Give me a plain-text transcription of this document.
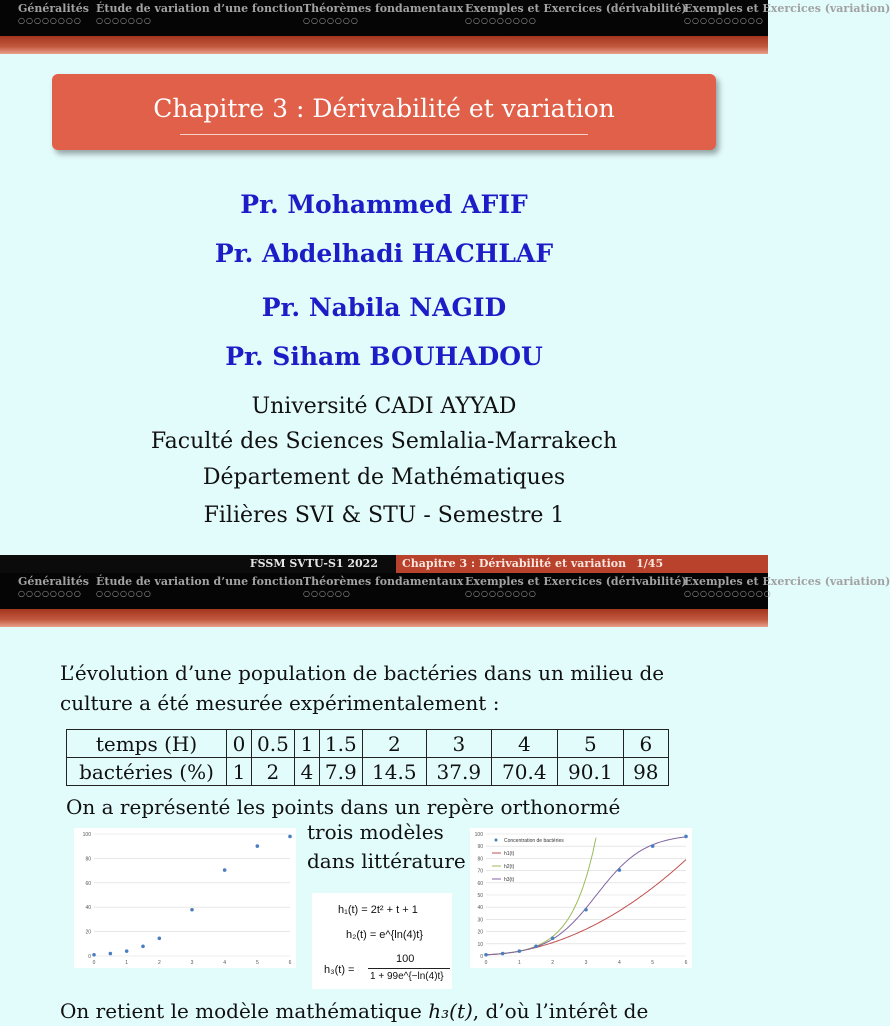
Généralités
○○○○○○○○
Étude de variation d’une fonction
○○○○○○○
Théorèmes fondamentaux
○○○○○○○
Exemples et Exercices (dérivabilité)
○○○○○○○○○
Exemples et Exercices (variation)
○○○○○○○○○○
Chapitre 3 : Dérivabilité et variation
Pr. Mohammed AFIF
Pr. Abdelhadi HACHLAF
Pr. Nabila NAGID
Pr. Siham BOUHADOU
Université CADI AYYAD
Faculté des Sciences Semlalia-Marrakech
Département de Mathématiques
Filières SVI & STU - Semestre 1
FSSM SVTU-S1 2022	Chapitre 3 : Dérivabilité et variation 1/45
Généralités
○○○○○○○○
Étude de variation d’une fonction
○○○○○○○
Théorèmes fondamentaux
○○○○○○
Exemples et Exercices (dérivabilité)
○○○○○○○○○
Exemples et Exercices (variation)
○○○○○○○○○○○
L’évolution d’une population de bactéries dans un milieu de culture a été mesurée expérimentalement :
temps (H)	0	0.5	1	1.5	2	3	4	5	6
bactéries (%)	1	2	4	7.9	14.5	37.9	70.4	90.1	98
On a représenté les points dans un repère orthonormé
trois modèles
dans littérature
0
20
40
60
80
100
0	1	2	3	4	5	6
0
10
20
30
40
50
60
70
80
90
100
0	1	2	3	4	5	6
Concentration de bactéries
h1(t)
h2(t)
h3(t)
h₁(t) = 2t² + t + 1
h₂(t) = e^{ln(4)t}
h₃(t) =
100
1 + 99e^{−ln(4)t}
On retient le modèle mathématique h₃(t), d’où l’intérêt de
